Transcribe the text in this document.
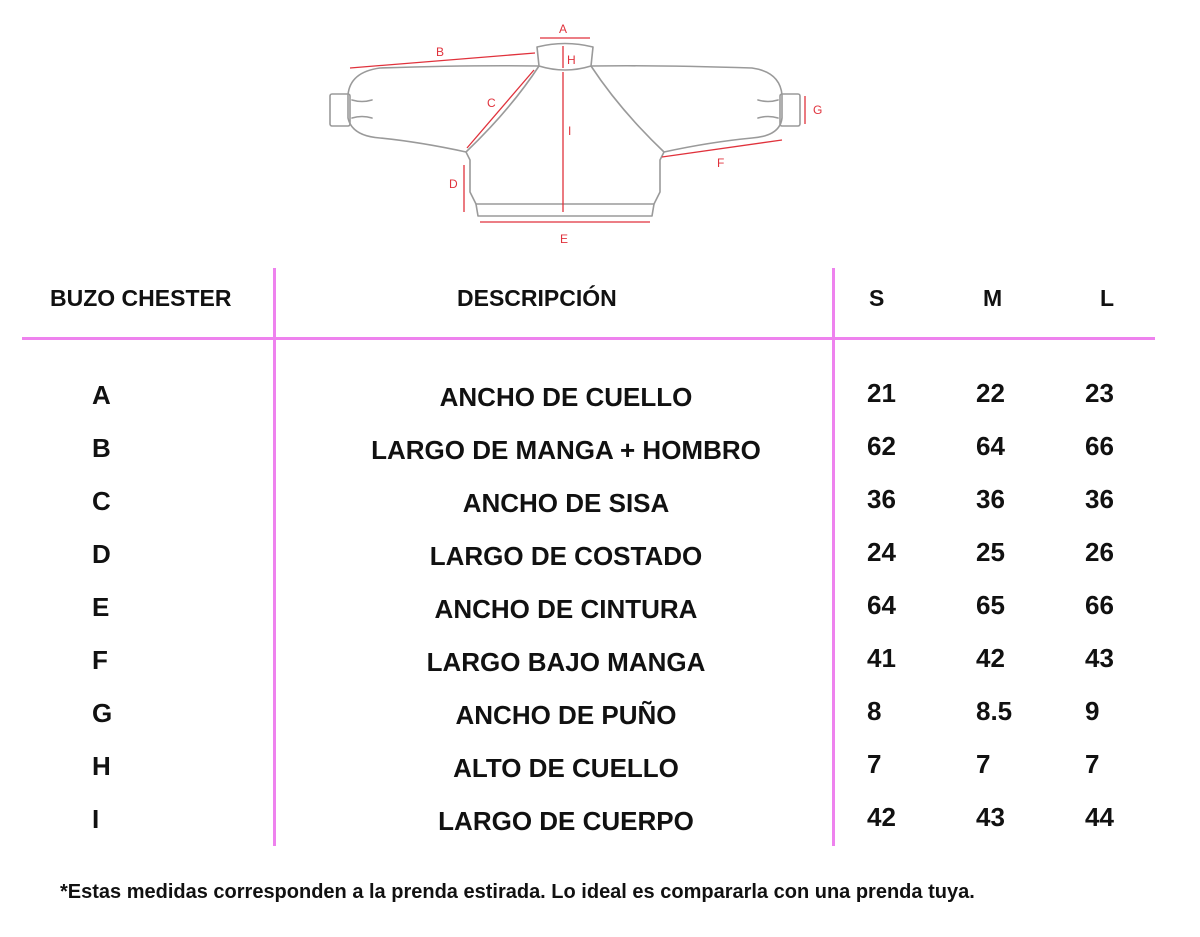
A
B
C
D
E
F
G
H
I
BUZO CHESTER	DESCRIPCIÓN	S	M	L
A	ANCHO DE CUELLO	21	22	23
B	LARGO DE MANGA + HOMBRO	62	64	66
C	ANCHO DE SISA	36	36	36
D	LARGO DE COSTADO	24	25	26
E	ANCHO DE CINTURA	64	65	66
F	LARGO BAJO MANGA	41	42	43
G	ANCHO DE PUÑO	8	8.5	9
H	ALTO DE CUELLO	7	7	7
I	LARGO DE CUERPO	42	43	44
*Estas medidas corresponden a la prenda estirada. Lo ideal es compararla con una prenda tuya.
